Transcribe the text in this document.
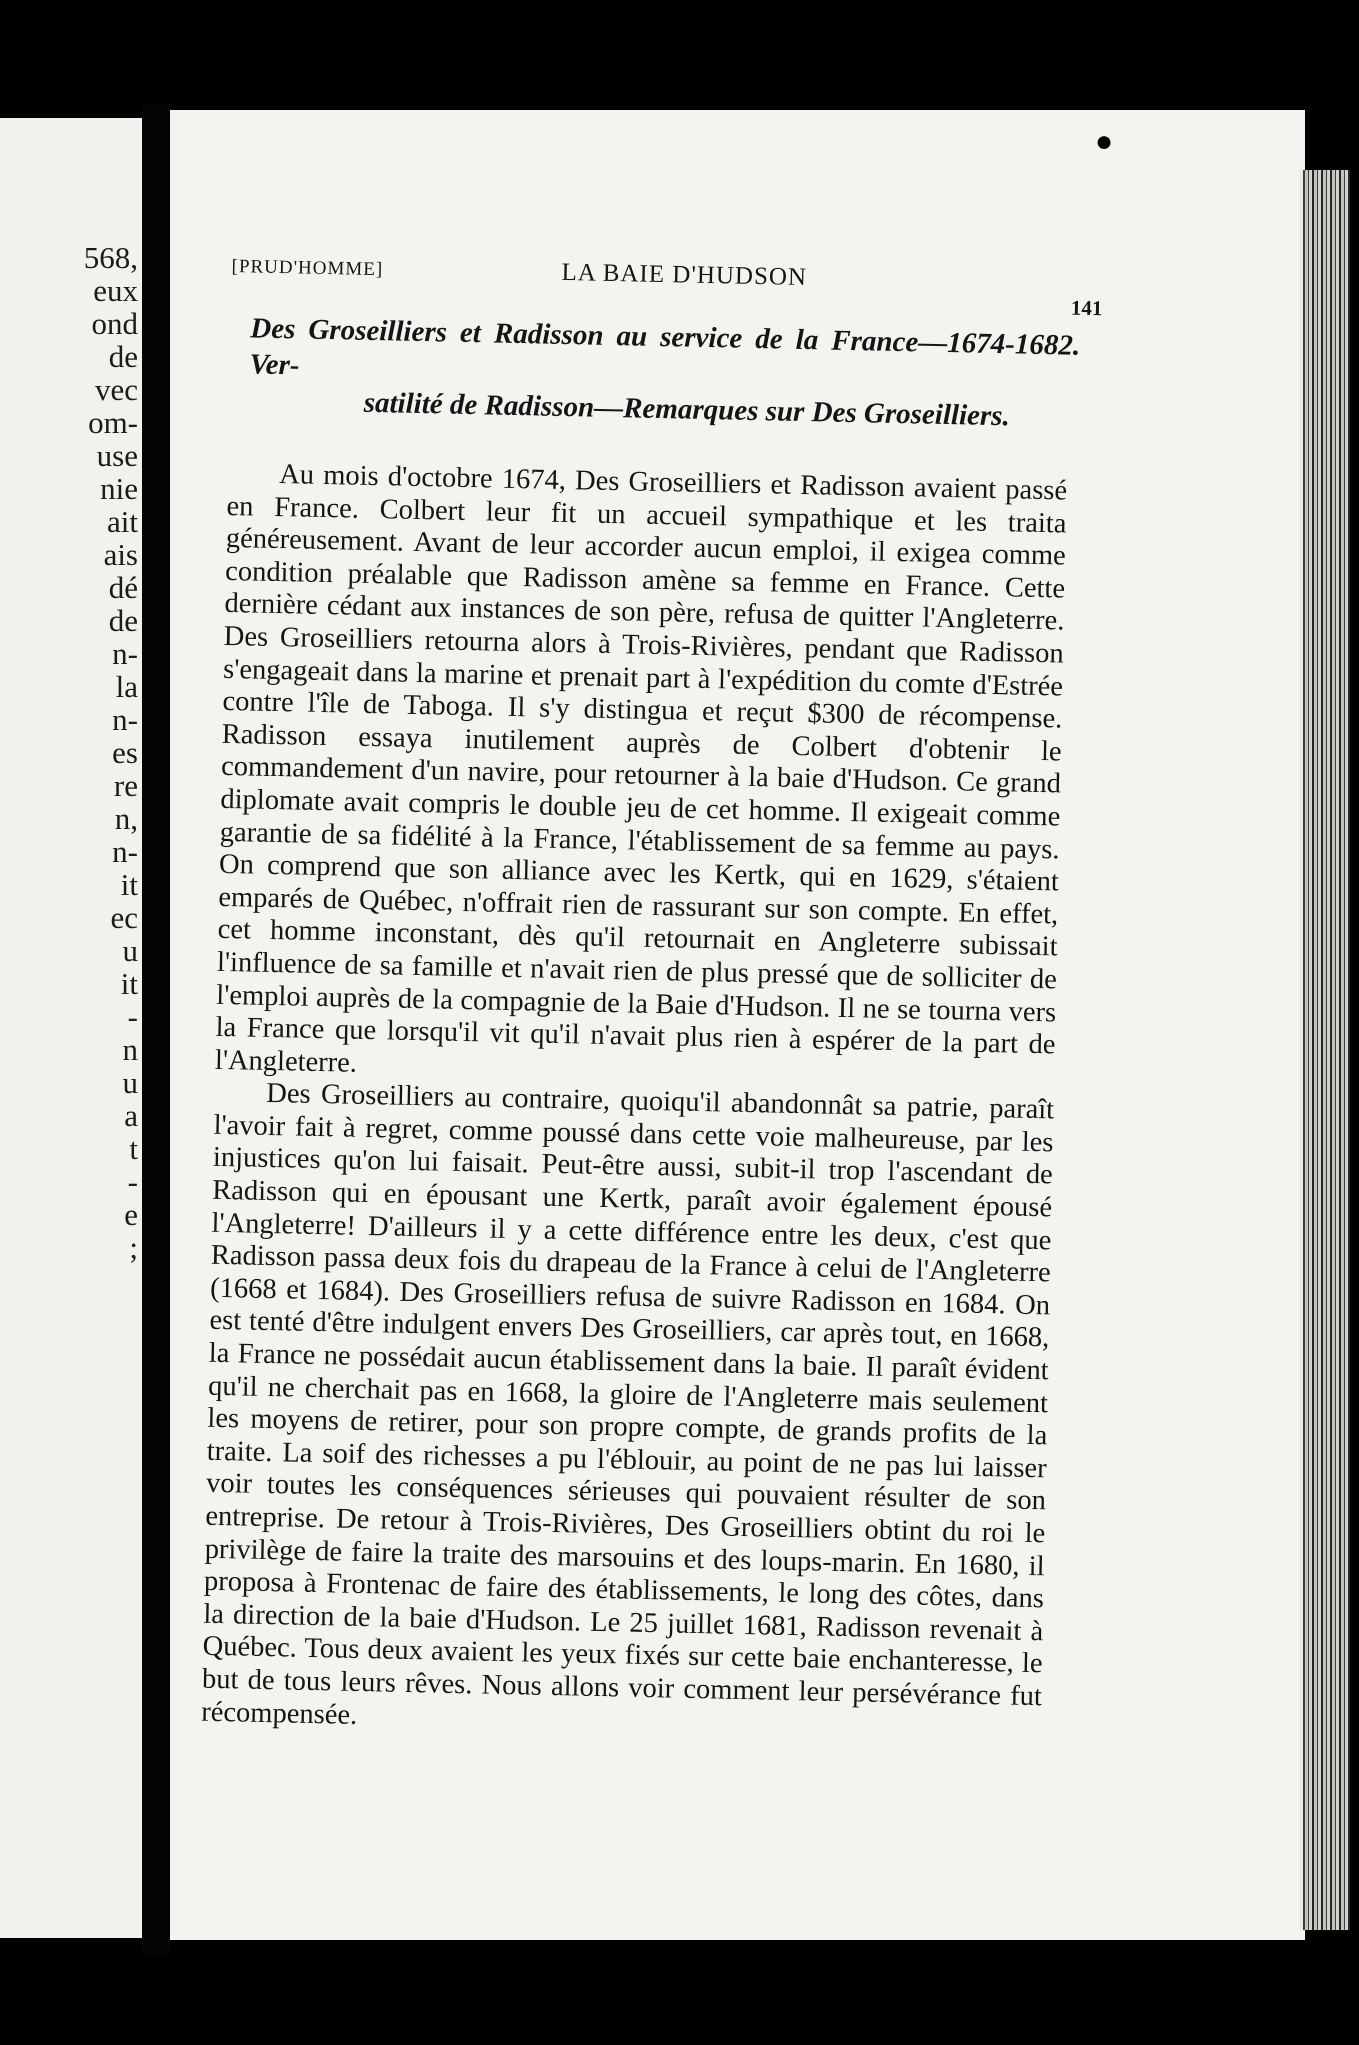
568,
eux
ond
de
vec
om-
use
nie
ait
ais
dé
de
n-
la
n-
es
re
n,
n-
it
ec
u
it
-
n
u
a
t
-
e
;
●
[PRUD'HOMME]	LA BAIE D'HUDSON
141
Des Groseilliers et Radisson au service de la France—1674-1682. Ver-
satilité de Radisson—Remarques sur Des Groseilliers.

Au mois d'octobre 1674, Des Groseilliers et Radisson avaient passé en France. Colbert leur fit un accueil sympathique et les traita généreusement. Avant de leur accorder aucun emploi, il exigea comme condition préalable que Radisson amène sa femme en France. Cette dernière cédant aux instances de son père, refusa de quitter l'Angleterre. Des Groseilliers retourna alors à Trois-Rivières, pendant que Radisson s'engageait dans la marine et prenait part à l'expédition du comte d'Estrée contre l'île de Taboga. Il s'y distingua et reçut $300 de récompense. Radisson essaya inutilement auprès de Colbert d'obtenir le commandement d'un navire, pour retourner à la baie d'Hudson. Ce grand diplomate avait compris le double jeu de cet homme. Il exigeait comme garantie de sa fidélité à la France, l'établissement de sa femme au pays. On comprend que son alliance avec les Kertk, qui en 1629, s'étaient emparés de Québec, n'offrait rien de rassurant sur son compte. En effet, cet homme inconstant, dès qu'il retournait en Angleterre subissait l'influence de sa famille et n'avait rien de plus pressé que de solliciter de l'emploi auprès de la compagnie de la Baie d'Hudson. Il ne se tourna vers la France que lorsqu'il vit qu'il n'avait plus rien à espérer de la part de l'Angleterre.

Des Groseilliers au contraire, quoiqu'il abandonnât sa patrie, paraît l'avoir fait à regret, comme poussé dans cette voie malheureuse, par les injustices qu'on lui faisait. Peut-être aussi, subit-il trop l'ascendant de Radisson qui en épousant une Kertk, paraît avoir également épousé l'Angleterre! D'ailleurs il y a cette différence entre les deux, c'est que Radisson passa deux fois du drapeau de la France à celui de l'Angleterre (1668 et 1684). Des Groseilliers refusa de suivre Radisson en 1684. On est tenté d'être indulgent envers Des Groseilliers, car après tout, en 1668, la France ne possédait aucun établissement dans la baie. Il paraît évident qu'il ne cherchait pas en 1668, la gloire de l'Angleterre mais seulement les moyens de retirer, pour son propre compte, de grands profits de la traite. La soif des richesses a pu l'éblouir, au point de ne pas lui laisser voir toutes les conséquences sérieuses qui pouvaient résulter de son entreprise. De retour à Trois-Rivières, Des Groseilliers obtint du roi le privilège de faire la traite des marsouins et des loups-marin. En 1680, il proposa à Frontenac de faire des établissements, le long des côtes, dans la direction de la baie d'Hudson. Le 25 juillet 1681, Radisson revenait à Québec. Tous deux avaient les yeux fixés sur cette baie enchanteresse, le but de tous leurs rêves. Nous allons voir comment leur persévérance fut récompensée.
